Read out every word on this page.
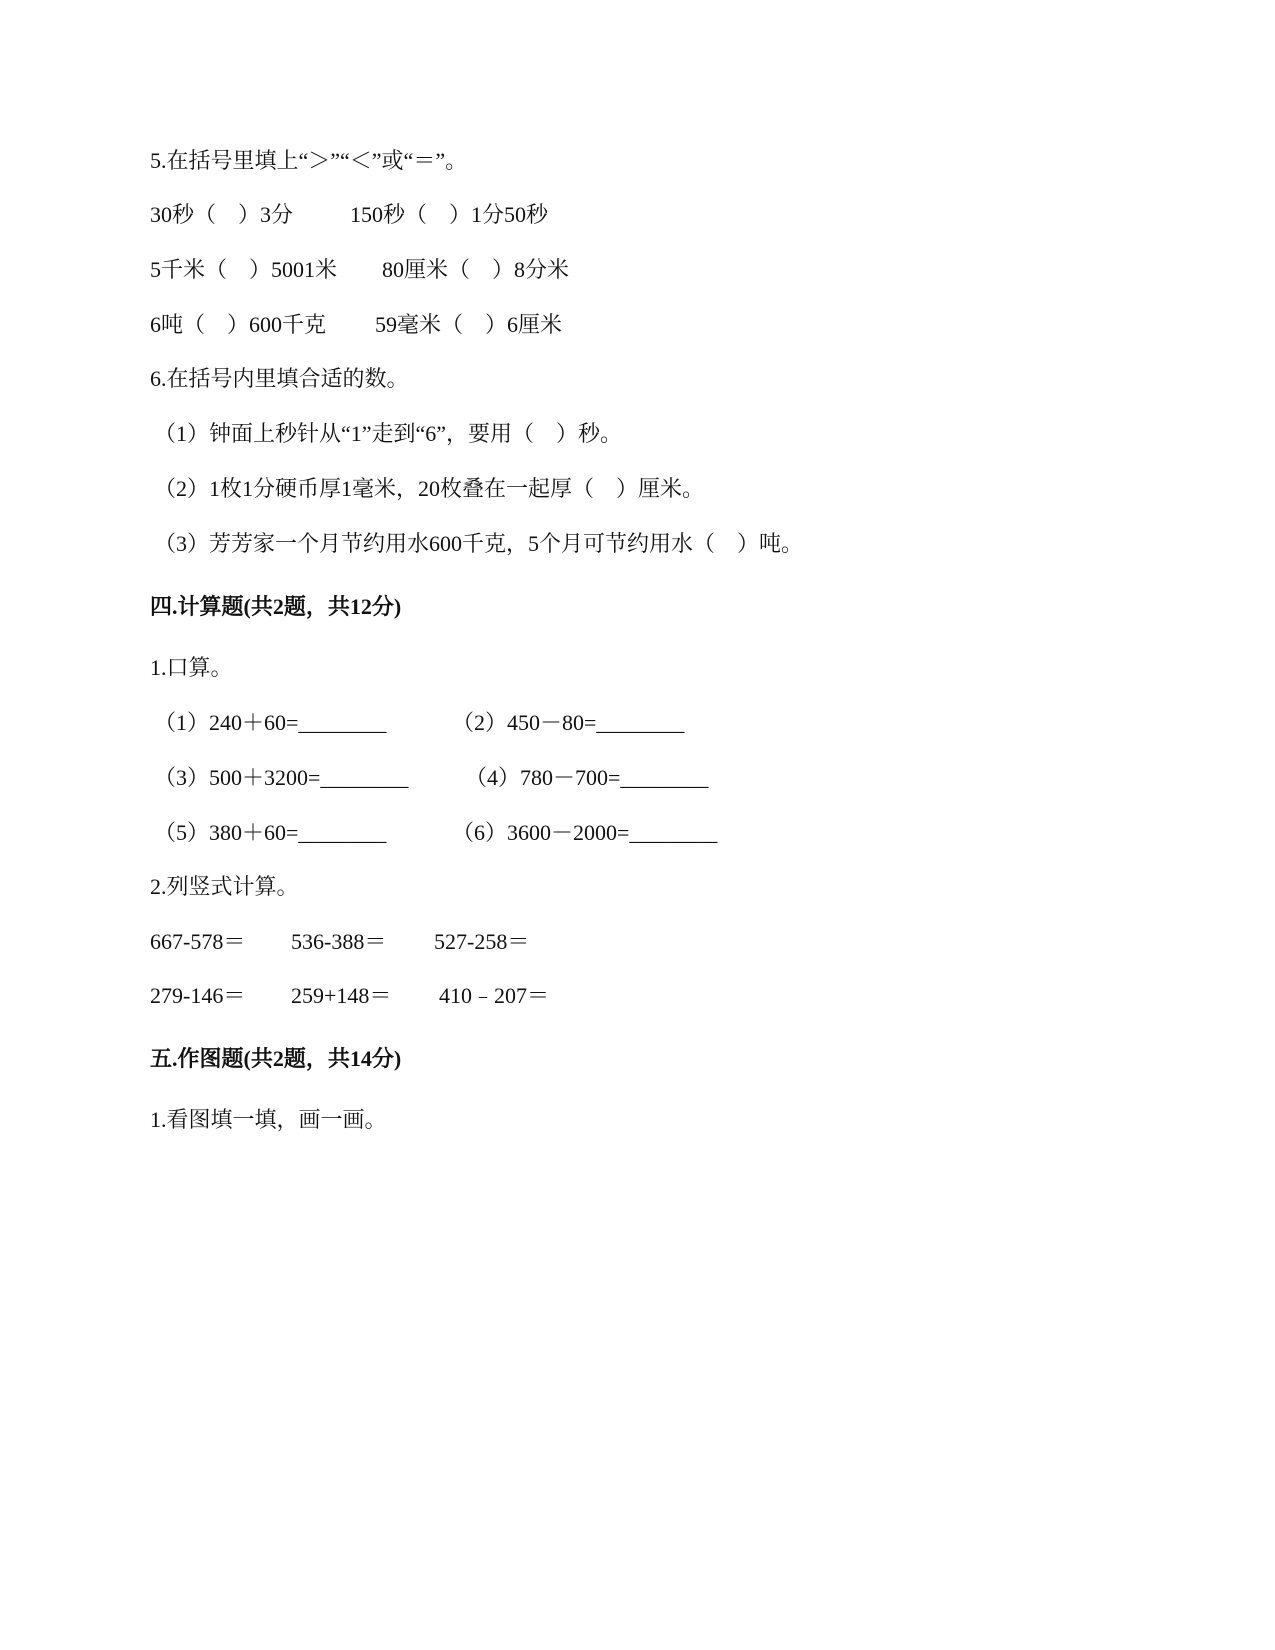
5.在括号里填上“＞”“＜”或“＝”。
30秒（　）3分	150秒（　）1分50秒
5千米（　）5001米 80厘米（　）8分米
6吨（　）600千克 59毫米（　）6厘米
6.在括号内里填合适的数。
（1）钟面上秒针从“1”走到“6”，要用（　）秒。
（2）1枚1分硬币厚1毫米，20枚叠在一起厚（　）厘米。
（3）芳芳家一个月节约用水600千克，5个月可节约用水（　）吨。
四.计算题(共2题，共12分)
1.口算。
（1）240＋60=________	（2）450－80=________
（3）500＋3200=________	（4）780－700=________
（5）380＋60=________	（6）3600－2000=________
2.列竖式计算。
667-578＝ 536-388＝ 527-258＝
279-146＝ 259+148＝ 410﹣207＝
五.作图题(共2题，共14分)
1.看图填一填，画一画。
